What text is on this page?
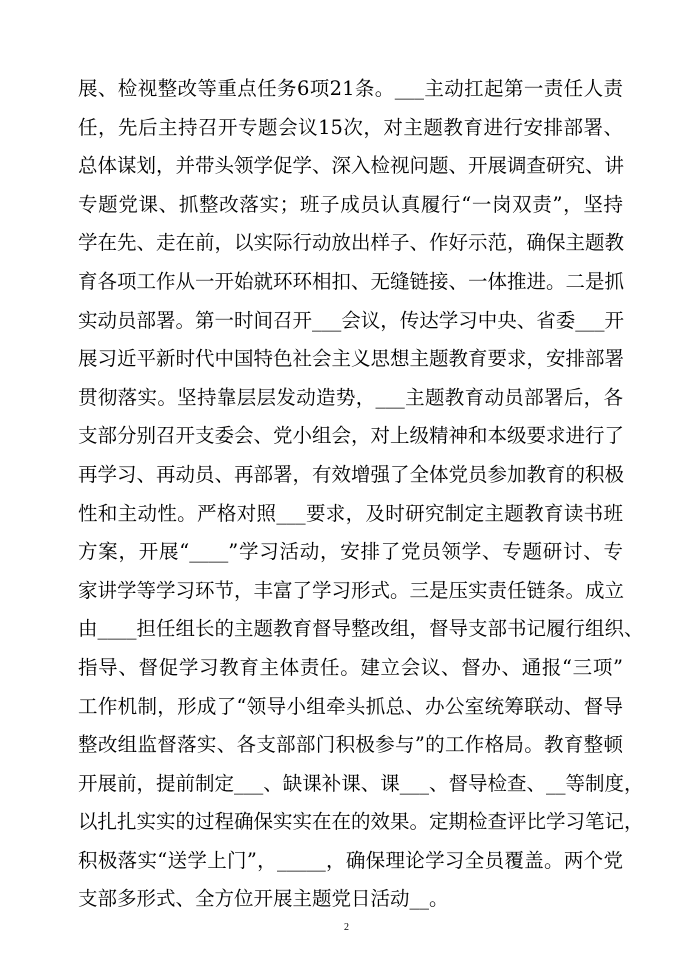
展、检视整改等重点任务6项21条。___主动扛起第一责任人责
任，先后主持召开专题会议15次，对主题教育进行安排部署、
总体谋划，并带头领学促学、深入检视问题、开展调查研究、讲
专题党课、抓整改落实；班子成员认真履行“一岗双责”，坚持
学在先、走在前，以实际行动放出样子、作好示范，确保主题教
育各项工作从一开始就环环相扣、无缝链接、一体推进。二是抓
实动员部署。第一时间召开___会议，传达学习中央、省委___开
展习近平新时代中国特色社会主义思想主题教育要求，安排部署
贯彻落实。坚持靠层层发动造势，___主题教育动员部署后，各
支部分别召开支委会、党小组会，对上级精神和本级要求进行了
再学习、再动员、再部署，有效增强了全体党员参加教育的积极
性和主动性。严格对照___要求，及时研究制定主题教育读书班
方案，开展“____”学习活动，安排了党员领学、专题研讨、专
家讲学等学习环节，丰富了学习形式。三是压实责任链条。成立
由____担任组长的主题教育督导整改组，督导支部书记履行组织、
指导、督促学习教育主体责任。建立会议、督办、通报“三项”
工作机制，形成了“领导小组牵头抓总、办公室统筹联动、督导
整改组监督落实、各支部部门积极参与”的工作格局。教育整顿
开展前，提前制定___、缺课补课、课___、督导检查、__等制度，
以扎扎实实的过程确保实实在在的效果。定期检查评比学习笔记，
积极落实“送学上门”，_____，确保理论学习全员覆盖。两个党
支部多形式、全方位开展主题党日活动__。
2
